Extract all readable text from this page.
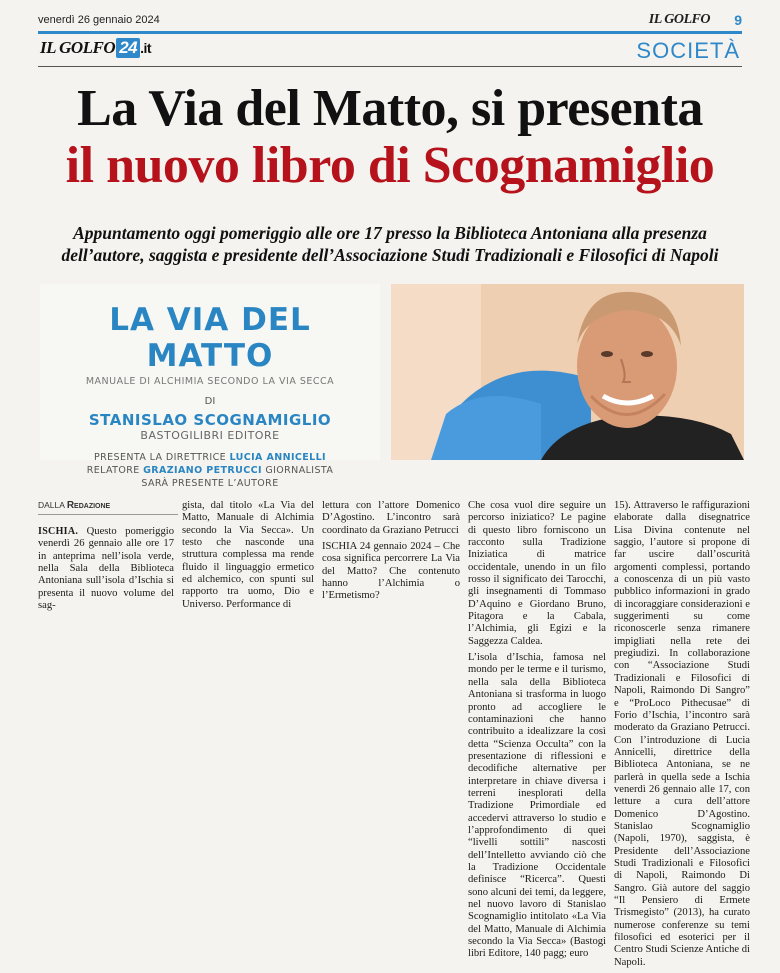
venerdì 26 gennaio 2024	IL GOLFO 9
IL GOLFO 24 .it	SOCIETÀ
La Via del Matto, si presenta
il nuovo libro di Scognamiglio
Appuntamento oggi pomeriggio alle ore 17 presso la Biblioteca Antoniana alla presenza dell’autore, saggista e presidente dell’Associazione Studi Tradizionali e Filosofici di Napoli
LA VIA DEL MATTO
MANUALE DI ALCHIMIA SECONDO LA VIA SECCA
DI
STANISLAO SCOGNAMIGLIO
BASTOGILIBRI EDITORE
PRESENTA LA DIRETTRICE LUCIA ANNICELLI
RELATORE GRAZIANO PETRUCCI GIORNALISTA
SARÀ PRESENTE L’AUTORE
DALLA Redazione

ISCHIA. Questo pomeriggio venerdì 26 gennaio alle ore 17 in anteprima nell’isola verde, nella Sala della Biblioteca Antoniana sull’isola d’Ischia si presenta il nuovo volume del sag-

gista, dal titolo «La Via del Matto, Manuale di Alchimia secondo la Via Secca». Un testo che nasconde una struttura complessa ma rende fluido il linguaggio ermetico ed alchemico, con spunti sul rapporto tra uomo, Dio e Universo. Performance di

lettura con l’attore Domenico D’Agostino. L’incontro sarà coordinato da Graziano Petrucci

ISCHIA 24 gennaio 2024 – Che cosa significa percorrere La Via del Matto? Che contenuto hanno l’Alchimia o l’Ermetismo?

Che cosa vuol dire seguire un percorso iniziatico? Le pagine di questo libro forniscono un racconto sulla Tradizione Iniziatica di matrice occidentale, unendo in un filo rosso il significato dei Tarocchi, gli insegnamenti di Tommaso D’Aquino e Giordano Bruno, Pitagora e la Cabala, l’Alchimia, gli Egizi e la Saggezza Caldea.

L’isola d’Ischia, famosa nel mondo per le terme e il turismo, nella sala della Biblioteca Antoniana si trasforma in luogo pronto ad accogliere le contaminazioni che hanno contribuito a idealizzare la così detta “Scienza Occulta” con la presentazione di riflessioni e decodifiche alternative per interpretare in chiave diversa i terreni inesplorati della Tradizione Primordiale ed accedervi attraverso lo studio e l’approfondimento di quei “livelli sottili” nascosti dell’Intelletto avviando ciò che la Tradizione Occidentale definisce “Ricerca”. Questi sono alcuni dei temi, da leggere, nel nuovo lavoro di Stanislao Scognamiglio intitolato «La Via del Matto, Manuale di Alchimia secondo la Via Secca» (Bastogi libri Editore, 140 pagg; euro

15). Attraverso le raffigurazioni elaborate dalla disegnatrice Lisa Divina contenute nel saggio, l’autore si propone di far uscire dall’oscurità argomenti complessi, portando a conoscenza di un più vasto pubblico informazioni in grado di incoraggiare considerazioni e suggerimenti su come riconoscerle senza rimanere impigliati nella rete dei pregiudizi. In collaborazione con “Associazione Studi Tradizionali e Filosofici di Napoli, Raimondo Di Sangro” e “ProLoco Pithecusae” di Forio d’Ischia, l’incontro sarà moderato da Graziano Petrucci. Con l’introduzione di Lucia Annicelli, direttrice della Biblioteca Antoniana, se ne parlerà in quella sede a Ischia venerdì 26 gennaio alle 17, con letture a cura dell’attore Domenico D’Agostino. Stanislao Scognamiglio (Napoli, 1970), saggista, è Presidente dell’Associazione Studi Tradizionali e Filosofici di Napoli, Raimondo Di Sangro. Già autore del saggio “Il Pensiero di Ermete Trismegisto” (2013), ha curato numerose conferenze su temi filosofici ed esoterici per il Centro Studi Scienze Antiche di Napoli.
